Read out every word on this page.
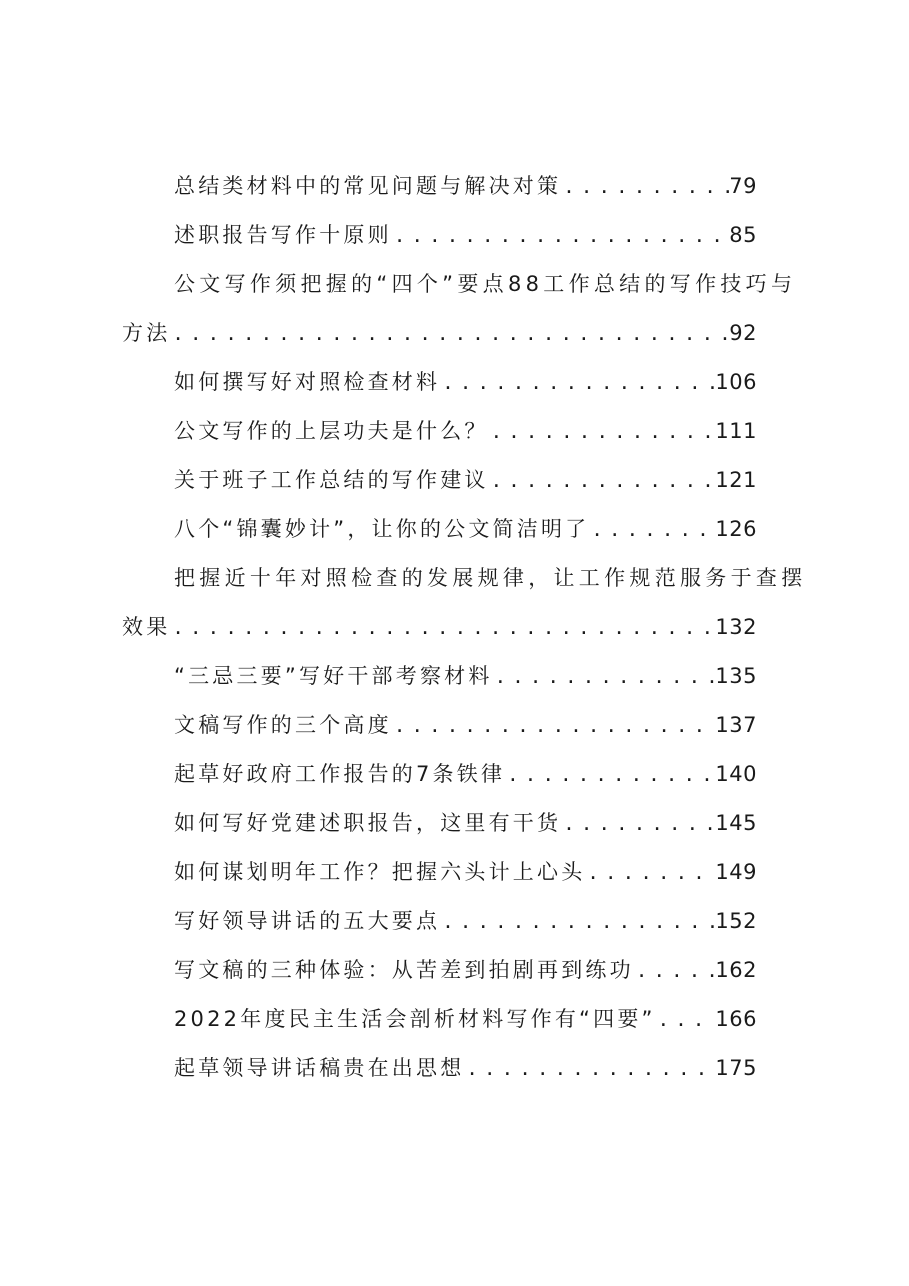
总结类材料中的常见问题与解决对策 .....	79
述职报告写作十原则 .....	85
公文写作须把握的“四个”要点88工作总结的写作技巧与
方法 .....	92
如何撰写好对照检查材料 .....	106
公文写作的上层功夫是什么？ .....	111
关于班子工作总结的写作建议 .....	121
八个“锦囊妙计”，让你的公文简洁明了 .....	126
把握近十年对照检查的发展规律，让工作规范服务于查摆
效果 .....	132
“三忌三要”写好干部考察材料 .....	135
文稿写作的三个高度 .....	137
起草好政府工作报告的7条铁律 .....	140
如何写好党建述职报告，这里有干货 .....	145
如何谋划明年工作？把握六头计上心头 .....	149
写好领导讲话的五大要点 .....	152
写文稿的三种体验：从苦差到拍剧再到练功 .....	162
2022年度民主生活会剖析材料写作有“四要” .....	166
起草领导讲话稿贵在出思想 .....	175
